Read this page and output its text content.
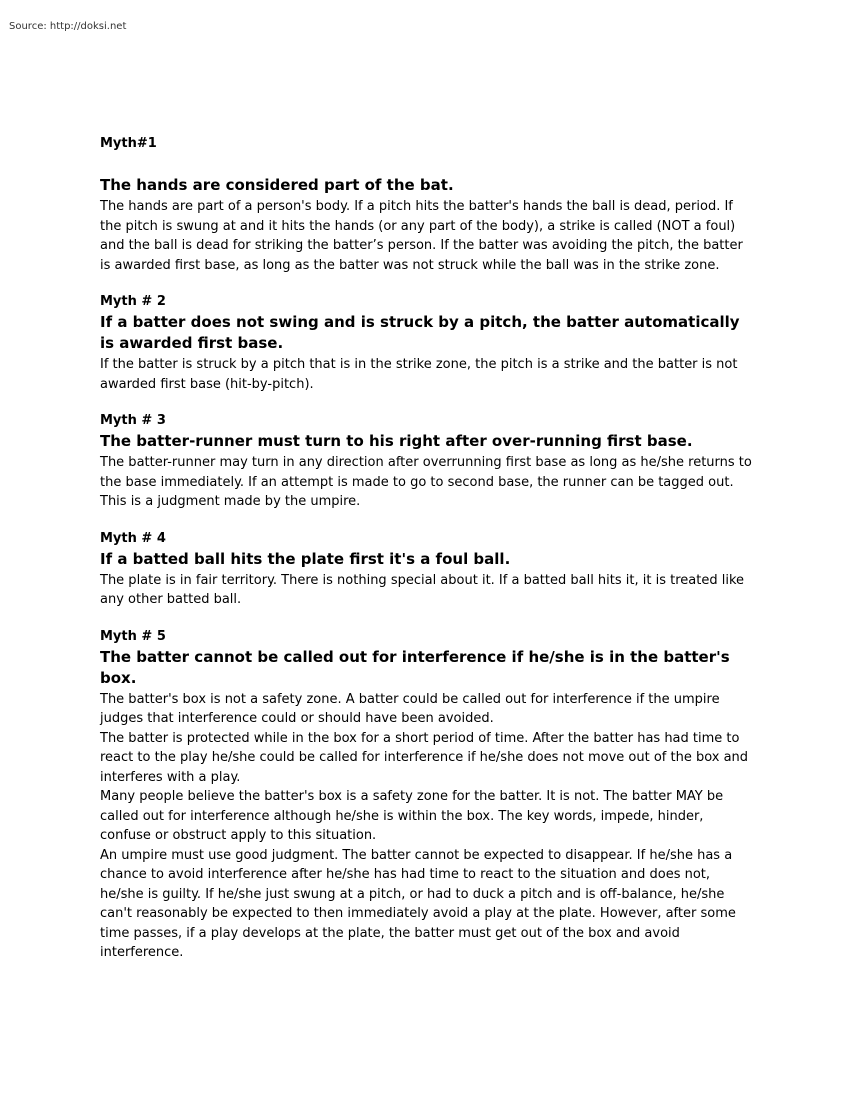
Source: http://doksi.net

Myth#1

The hands are considered part of the bat.

The hands are part of a person's body. If a pitch hits the batter's hands the ball is dead, period. If the pitch is swung at and it hits the hands (or any part of the body), a strike is called (NOT a foul) and the ball is dead for striking the batter’s person. If the batter was avoiding the pitch, the batter is awarded first base, as long as the batter was not struck while the ball was in the strike zone.

Myth # 2

If a batter does not swing and is struck by a pitch, the batter automatically is awarded first base.

If the batter is struck by a pitch that is in the strike zone, the pitch is a strike and the batter is not awarded first base (hit-by-pitch).

Myth # 3

The batter-runner must turn to his right after over-running first base.

The batter-runner may turn in any direction after overrunning first base as long as he/she returns to the base immediately. If an attempt is made to go to second base, the runner can be tagged out. This is a judgment made by the umpire.

Myth # 4

If a batted ball hits the plate first it's a foul ball.

The plate is in fair territory. There is nothing special about it. If a batted ball hits it, it is treated like any other batted ball.

Myth # 5

The batter cannot be called out for interference if he/she is in the batter's box.

The batter's box is not a safety zone. A batter could be called out for interference if the umpire judges that interference could or should have been avoided.

The batter is protected while in the box for a short period of time. After the batter has had time to react to the play he/she could be called for interference if he/she does not move out of the box and interferes with a play.

Many people believe the batter's box is a safety zone for the batter. It is not. The batter MAY be called out for interference although he/she is within the box. The key words, impede, hinder, confuse or obstruct apply to this situation.

An umpire must use good judgment. The batter cannot be expected to disappear. If he/she has a chance to avoid interference after he/she has had time to react to the situation and does not, he/she is guilty. If he/she just swung at a pitch, or had to duck a pitch and is off-balance, he/she can't reasonably be expected to then immediately avoid a play at the plate. However, after some time passes, if a play develops at the plate, the batter must get out of the box and avoid interference.
